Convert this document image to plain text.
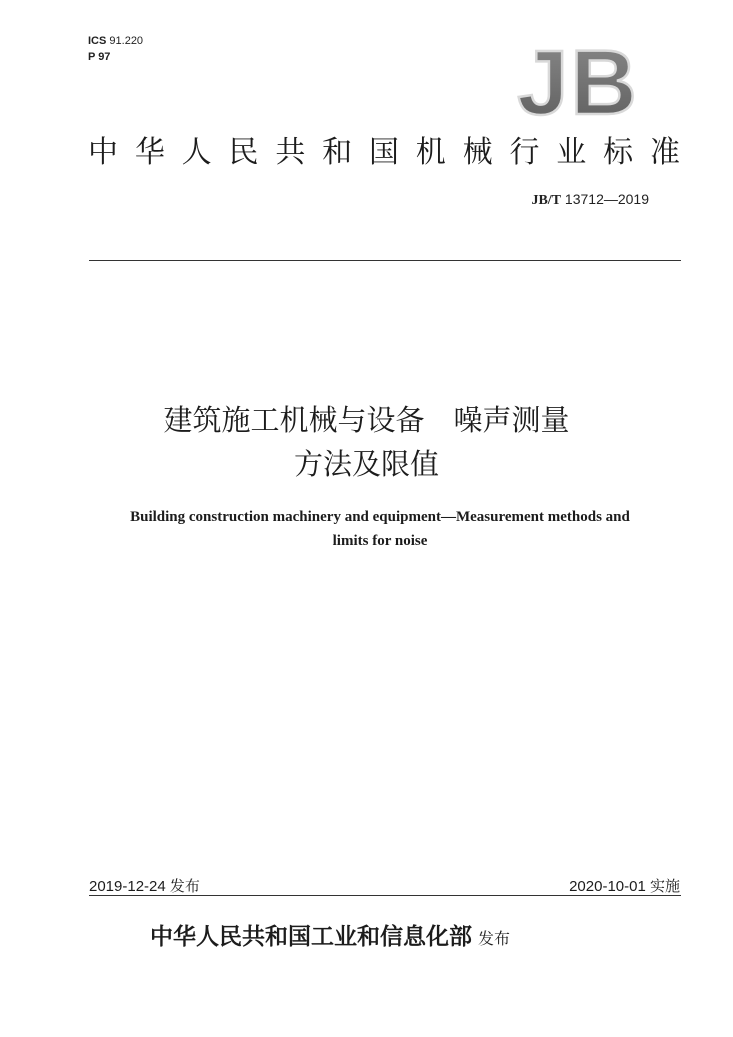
ICS 91.220
P 97	JB
中 华 人 民 共 和 国 机 械 行 业 标 准
JB/T 13712—2019
建筑施工机械与设备　噪声测量
方法及限值
Building construction machinery and equipment—Measurement methods and
limits for noise
2019-12-24 发布	2020-10-01 实施
中华人民共和国工业和信息化部 发布
